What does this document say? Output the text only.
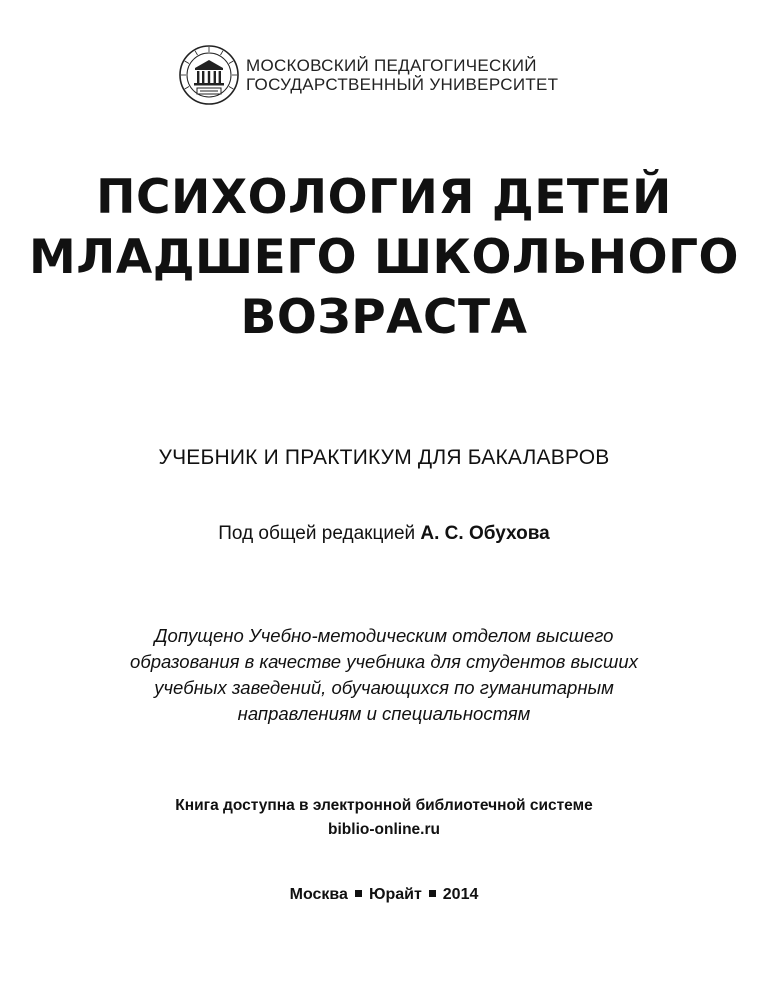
МОСКОВСКИЙ ПЕДАГОГИЧЕСКИЙ
ГОСУДАРСТВЕННЫЙ УНИВЕРСИТЕТ
ПСИХОЛОГИЯ ДЕТЕЙ
МЛАДШЕГО ШКОЛЬНОГО
ВОЗРАСТА
УЧЕБНИК И ПРАКТИКУМ ДЛЯ БАКАЛАВРОВ
Под общей редакцией А. С. Обухова
Допущено Учебно-методическим отделом высшего
образования в качестве учебника для студентов высших
учебных заведений, обучающихся по гуманитарным
направлениям и специальностям
Книга доступна в электронной библиотечной системе
biblio-online.ru
Москва Юрайт 2014
